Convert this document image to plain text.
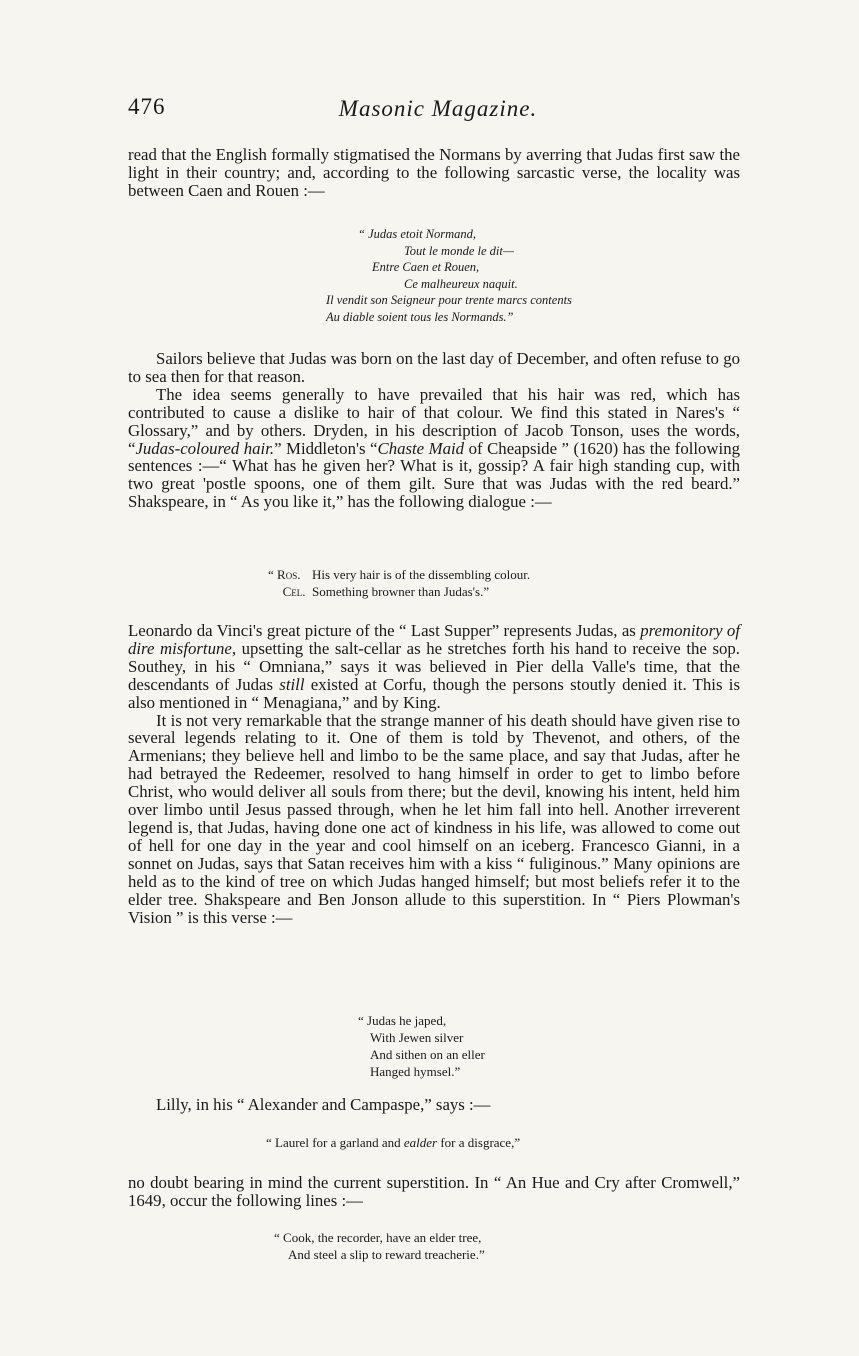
476	Masonic Magazine.

read that the English formally stigmatised the Normans by averring that Judas first saw the light in their country; and, according to the following sarcastic verse, the locality was between Caen and Rouen :—

“ Judas etoit Normand,
Tout le monde le dit—
Entre Caen et Rouen,
Ce malheureux naquit.
Il vendit son Seigneur pour trente marcs contents
Au diable soient tous les Normands.”

Sailors believe that Judas was born on the last day of December, and often refuse to go to sea then for that reason.

The idea seems generally to have prevailed that his hair was red, which has contributed to cause a dislike to hair of that colour. We find this stated in Nares's “ Glossary,” and by others. Dryden, in his description of Jacob Tonson, uses the words, “Judas-coloured hair.” Middleton's “Chaste Maid of Cheapside ” (1620) has the following sentences :—“ What has he given her? What is it, gossip? A fair high standing cup, with two great 'postle spoons, one of them gilt. Sure that was Judas with the red beard.” Shakspeare, in “ As you like it,” has the following dialogue :—

“ Ros. His very hair is of the dissembling colour.
Cel. Something browner than Judas's.”

Leonardo da Vinci's great picture of the “ Last Supper” represents Judas, as premonitory of dire misfortune, upsetting the salt-cellar as he stretches forth his hand to receive the sop. Southey, in his “ Omniana,” says it was believed in Pier della Valle's time, that the descendants of Judas still existed at Corfu, though the persons stoutly denied it. This is also mentioned in “ Menagiana,” and by King.

It is not very remarkable that the strange manner of his death should have given rise to several legends relating to it. One of them is told by Thevenot, and others, of the Armenians; they believe hell and limbo to be the same place, and say that Judas, after he had betrayed the Redeemer, resolved to hang himself in order to get to limbo before Christ, who would deliver all souls from there; but the devil, knowing his intent, held him over limbo until Jesus passed through, when he let him fall into hell. Another irreverent legend is, that Judas, having done one act of kindness in his life, was allowed to come out of hell for one day in the year and cool himself on an iceberg. Francesco Gianni, in a sonnet on Judas, says that Satan receives him with a kiss “ fuliginous.” Many opinions are held as to the kind of tree on which Judas hanged himself; but most beliefs refer it to the elder tree. Shakspeare and Ben Jonson allude to this superstition. In “ Piers Plowman's Vision ” is this verse :—

“ Judas he japed,
With Jewen silver
And sithen on an eller
Hanged hymsel.”

Lilly, in his “ Alexander and Campaspe,” says :—

“ Laurel for a garland and ealder for a disgrace,”

no doubt bearing in mind the current superstition. In “ An Hue and Cry after Cromwell,” 1649, occur the following lines :—

“ Cook, the recorder, have an elder tree,
And steel a slip to reward treacherie.”
